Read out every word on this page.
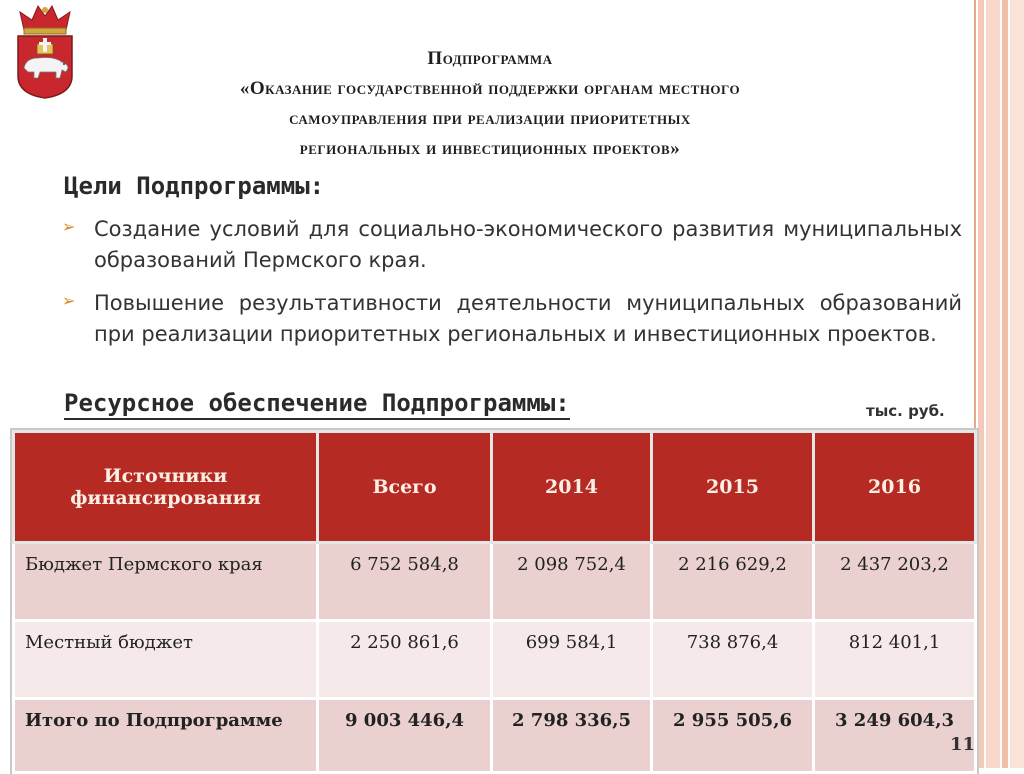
Подпрограмма
«Оказание государственной поддержки органам местного
самоуправления при реализации приоритетных
региональных и инвестиционных проектов»
Цели Подпрограммы:
➢ Создание условий для социально-экономического развития муниципальных образований Пермского края.
➢ Повышение результативности деятельности муниципальных образований при реализации приоритетных региональных и инвестиционных проектов.
Ресурсное обеспечение Подпрограммы:	тыс. руб.
Источники финансирования	Всего	2014	2015	2016
Бюджет Пермского края	6 752 584,8	2 098 752,4	2 216 629,2	2 437 203,2
Местный бюджет	2 250 861,6	699 584,1	738 876,4	812 401,1
Итого по Подпрограмме	9 003 446,4	2 798 336,5	2 955 505,6	3 249 604,3
11
